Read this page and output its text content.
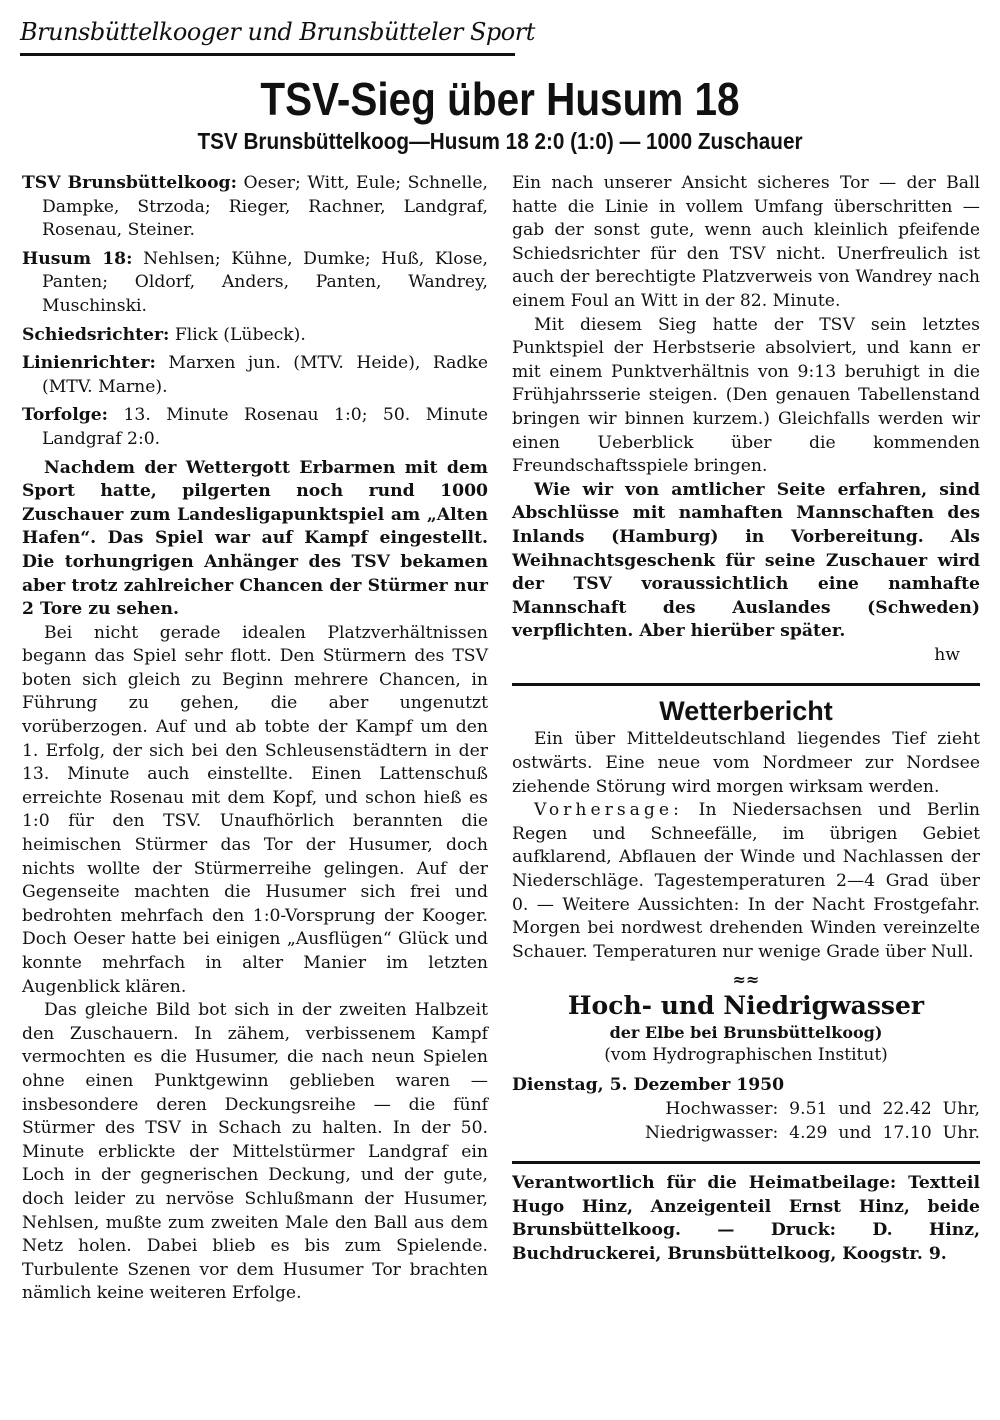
Brunsbüttelkooger und Brunsbütteler Sport
TSV-Sieg über Husum 18
TSV Brunsbüttelkoog—Husum 18 2:0 (1:0) — 1000 Zuschauer

TSV Brunsbüttelkoog: Oeser; Witt, Eule; Schnelle, Dampke, Strzoda; Rieger, Rachner, Landgraf, Rosenau, Steiner.

Husum 18: Nehlsen; Kühne, Dumke; Huß, Klose, Panten; Oldorf, Anders, Panten, Wandrey, Muschinski.

Schiedsrichter: Flick (Lübeck).

Linienrichter: Marxen jun. (MTV. Heide), Radke (MTV. Marne).

Torfolge: 13. Minute Rosenau 1:0; 50. Minute Landgraf 2:0.

Nachdem der Wettergott Erbarmen mit dem Sport hatte, pilgerten noch rund 1000 Zuschauer zum Landesligapunktspiel am „Alten Hafen“. Das Spiel war auf Kampf eingestellt. Die torhungrigen Anhänger des TSV bekamen aber trotz zahlreicher Chancen der Stürmer nur 2 Tore zu sehen.

Bei nicht gerade idealen Platzverhältnissen begann das Spiel sehr flott. Den Stürmern des TSV boten sich gleich zu Beginn mehrere Chancen, in Führung zu gehen, die aber ungenutzt vorüberzogen. Auf und ab tobte der Kampf um den 1. Erfolg, der sich bei den Schleusenstädtern in der 13. Minute auch einstellte. Einen Lattenschuß erreichte Rosenau mit dem Kopf, und schon hieß es 1:0 für den TSV. Unaufhörlich berannten die heimischen Stürmer das Tor der Husumer, doch nichts wollte der Stürmerreihe gelingen. Auf der Gegenseite machten die Husumer sich frei und bedrohten mehrfach den 1:0-Vorsprung der Kooger. Doch Oeser hatte bei einigen „Ausflügen“ Glück und konnte mehrfach in alter Manier im letzten Augenblick klären.

Das gleiche Bild bot sich in der zweiten Halbzeit den Zuschauern. In zähem, verbissenem Kampf vermochten es die Husumer, die nach neun Spielen ohne einen Punktgewinn geblieben waren — insbesondere deren Deckungsreihe — die fünf Stürmer des TSV in Schach zu halten. In der 50. Minute erblickte der Mittelstürmer Landgraf ein Loch in der gegnerischen Deckung, und der gute, doch leider zu nervöse Schlußmann der Husumer, Nehlsen, mußte zum zweiten Male den Ball aus dem Netz holen. Dabei blieb es bis zum Spielende. Turbulente Szenen vor dem Husumer Tor brachten nämlich keine weiteren Erfolge.

Ein nach unserer Ansicht sicheres Tor — der Ball hatte die Linie in vollem Umfang überschritten — gab der sonst gute, wenn auch kleinlich pfeifende Schiedsrichter für den TSV nicht. Unerfreulich ist auch der berechtigte Platzverweis von Wandrey nach einem Foul an Witt in der 82. Minute.

Mit diesem Sieg hatte der TSV sein letztes Punktspiel der Herbstserie absolviert, und kann er mit einem Punktverhältnis von 9:13 beruhigt in die Frühjahrsserie steigen. (Den genauen Tabellenstand bringen wir binnen kurzem.) Gleichfalls werden wir einen Ueberblick über die kommenden Freundschaftsspiele bringen.

Wie wir von amtlicher Seite erfahren, sind Abschlüsse mit namhaften Mannschaften des Inlands (Hamburg) in Vorbereitung. Als Weihnachtsgeschenk für seine Zuschauer wird der TSV voraussichtlich eine namhafte Mannschaft des Auslandes (Schweden) verpflichten. Aber hierüber später.

hw

Wetterbericht

Ein über Mitteldeutschland liegendes Tief zieht ostwärts. Eine neue vom Nordmeer zur Nordsee ziehende Störung wird morgen wirksam werden.

Vorhersage: In Niedersachsen und Berlin Regen und Schneefälle, im übrigen Gebiet aufklarend, Abflauen der Winde und Nachlassen der Niederschläge. Tagestemperaturen 2—4 Grad über 0. — Weitere Aussichten: In der Nacht Frostgefahr. Morgen bei nordwest drehenden Winden vereinzelte Schauer. Temperaturen nur wenige Grade über Null.

≈≈
Hoch- und Niedrigwasser
der Elbe bei Brunsbüttelkoog)
(vom Hydrographischen Institut)
Dienstag, 5. Dezember 1950
Hochwasser: 9.51 und 22.42 Uhr,
Niedrigwasser: 4.29 und 17.10 Uhr.

Verantwortlich für die Heimatbeilage: Textteil Hugo Hinz, Anzeigenteil Ernst Hinz, beide Brunsbüttelkoog. — Druck: D. Hinz, Buchdruckerei, Brunsbüttelkoog, Koogstr. 9.
